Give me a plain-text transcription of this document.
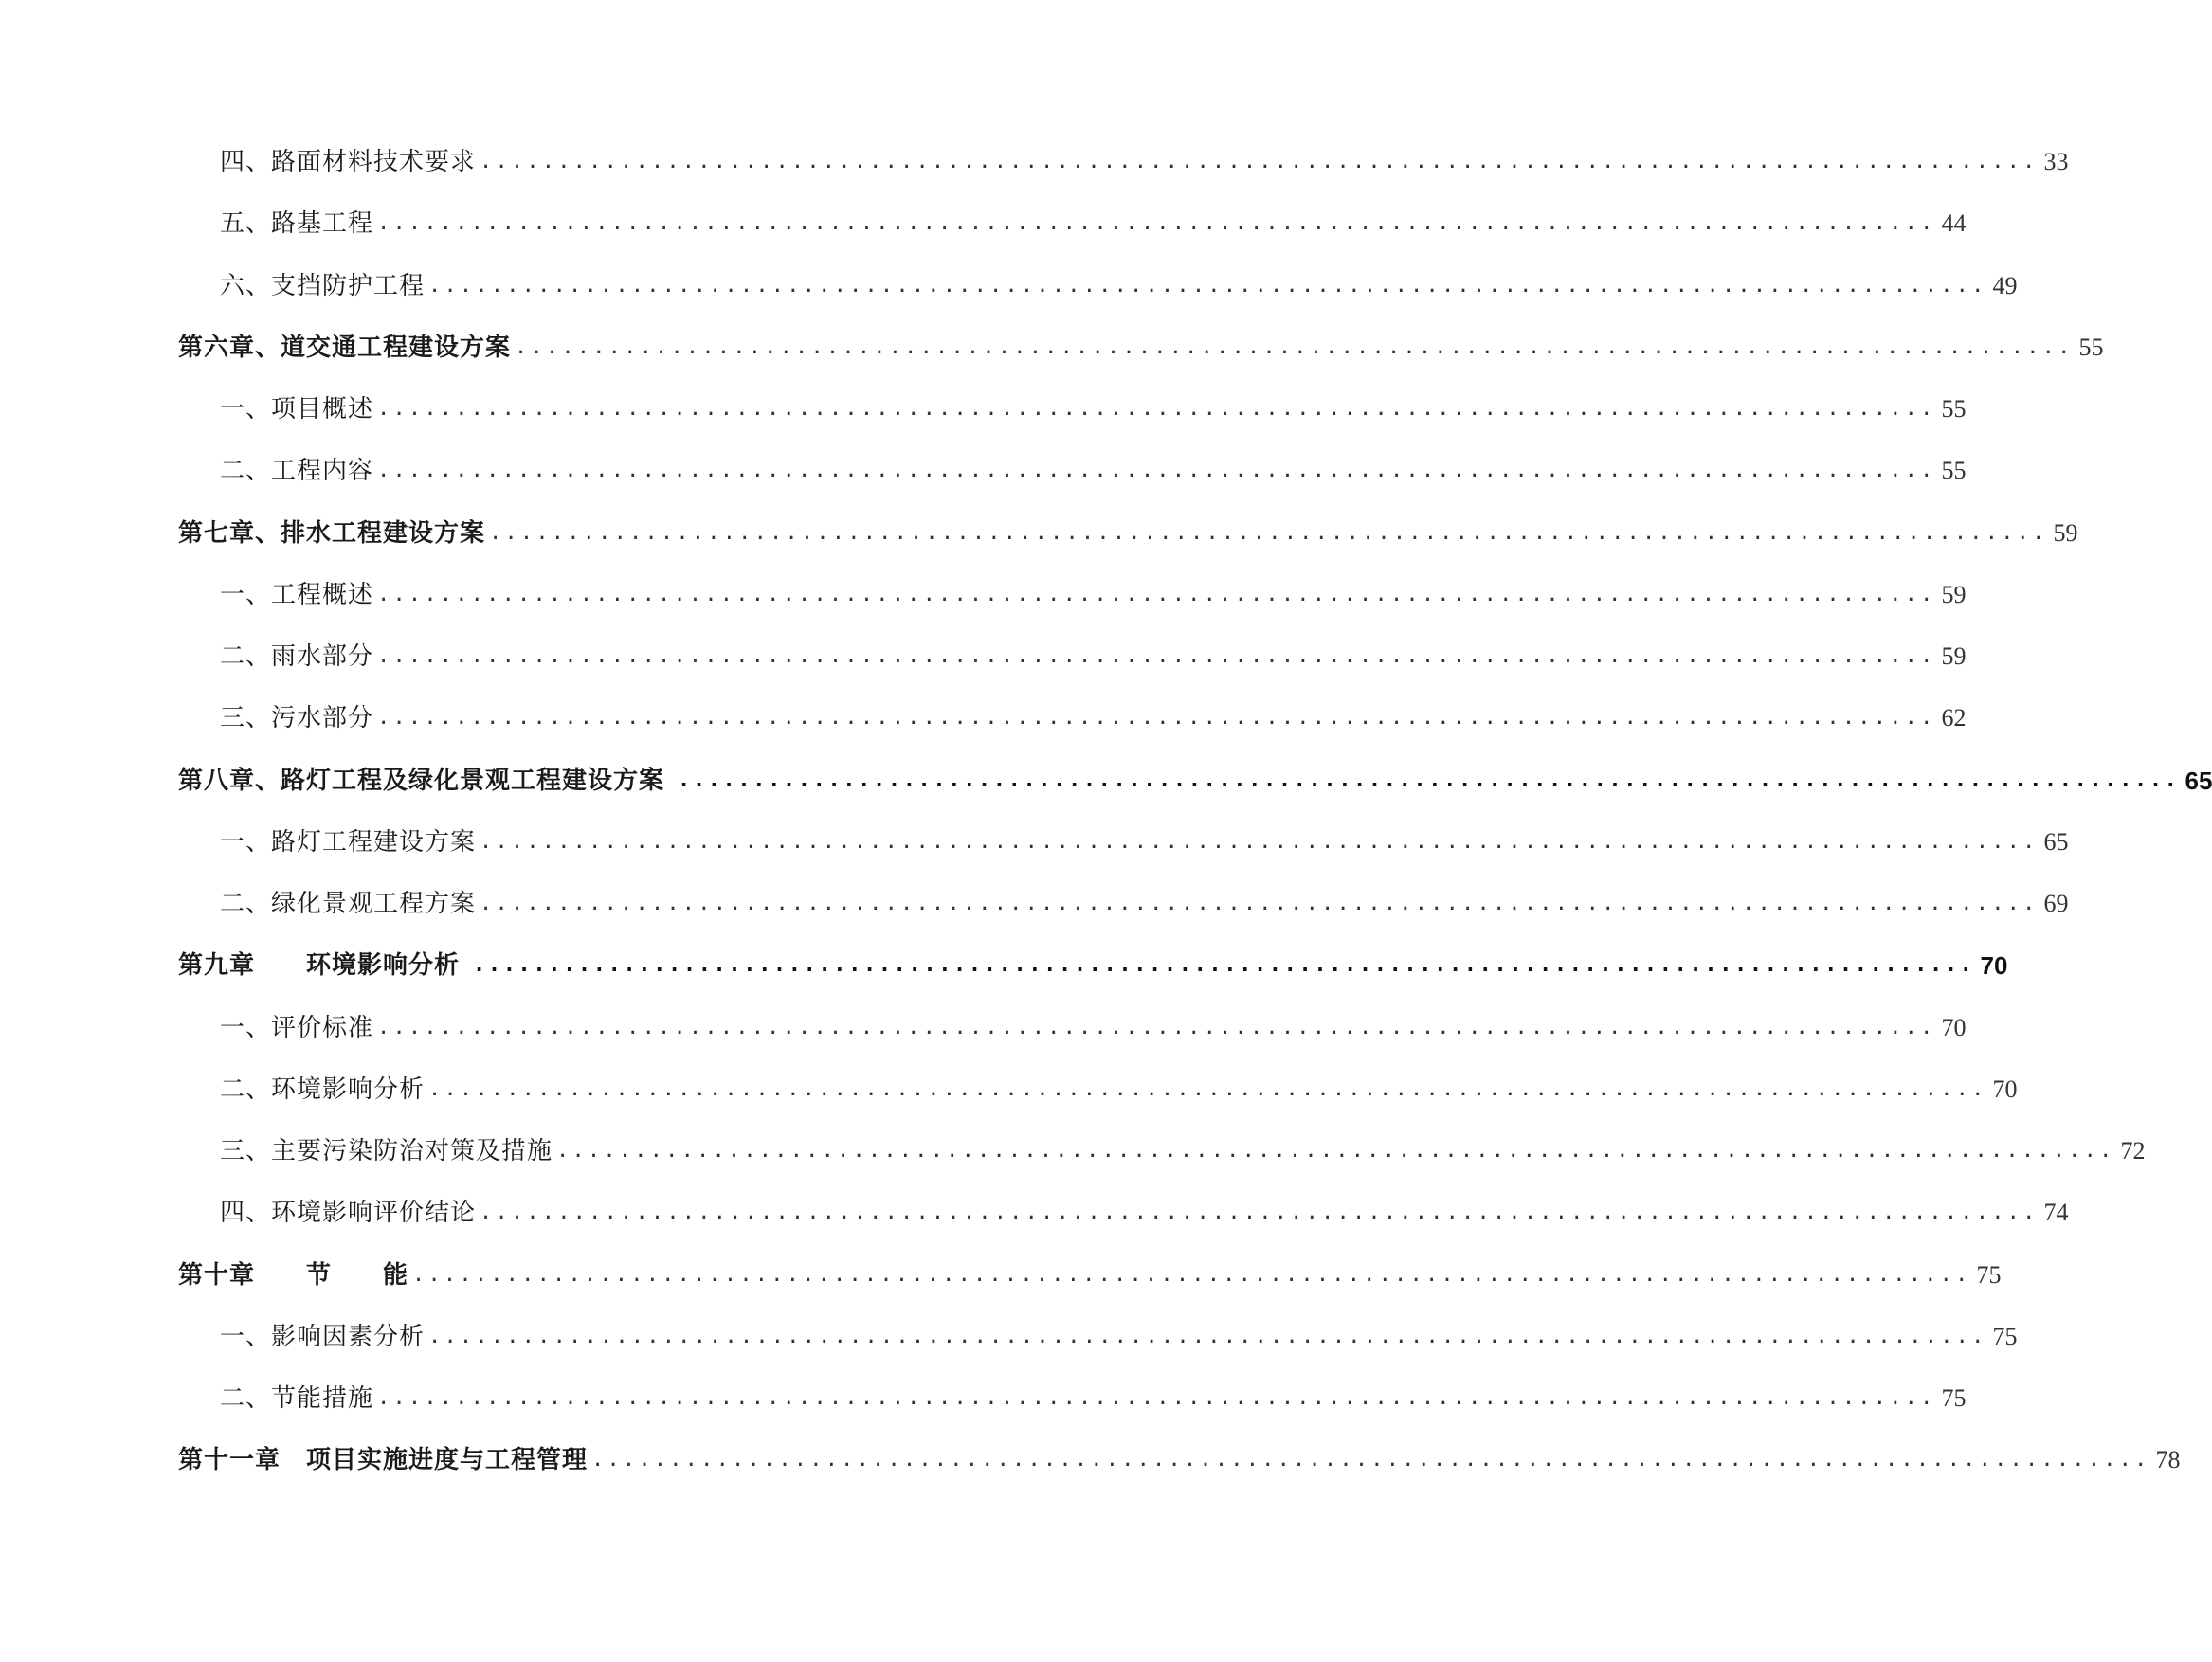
四、路面材料技术要求 .................................................................................................... 33
五、路基工程 .................................................................................................... 44
六、支挡防护工程 .................................................................................................... 49
第六章、道交通工程建设方案 .................................................................................................... 55
一、项目概述 .................................................................................................... 55
二、工程内容 .................................................................................................... 55
第七章、排水工程建设方案 .................................................................................................... 59
一、工程概述 .................................................................................................... 59
二、雨水部分 .................................................................................................... 59
三、污水部分 .................................................................................................... 62
第八章、路灯工程及绿化景观工程建设方案 .................................................................................................... 65
一、路灯工程建设方案 .................................................................................................... 65
二、绿化景观工程方案 .................................................................................................... 69
第九章　　环境影响分析 .................................................................................................... 70
一、评价标准 .................................................................................................... 70
二、环境影响分析 .................................................................................................... 70
三、主要污染防治对策及措施 .................................................................................................... 72
四、环境影响评价结论 .................................................................................................... 74
第十章　　节　　能 .................................................................................................... 75
一、影响因素分析 .................................................................................................... 75
二、节能措施 .................................................................................................... 75
第十一章　项目实施进度与工程管理 .................................................................................................... 78
